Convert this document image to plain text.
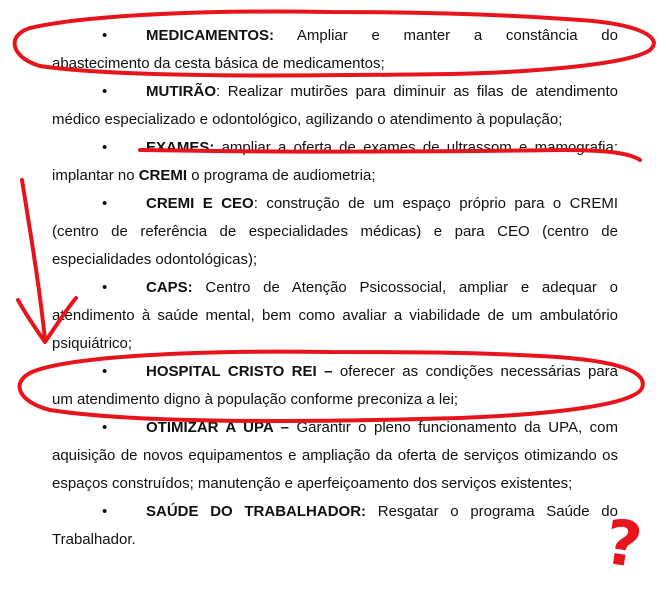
•	MEDICAMENTOS: Ampliar e manter a constância do
abastecimento da cesta básica de medicamentos;
•	MUTIRÃO: Realizar mutirões para diminuir as filas de atendimento
médico especializado e odontológico, agilizando o atendimento à população;
•	EXAMES: ampliar a oferta de exames de ultrassom e mamografia;
implantar no CREMI o programa de audiometria;
•	CREMI E CEO: construção de um espaço próprio para o CREMI
(centro de referência de especialidades médicas) e para CEO (centro de especialidades odontológicas);
•	CAPS: Centro de Atenção Psicossocial, ampliar e adequar o
atendimento à saúde mental, bem como avaliar a viabilidade de um ambulatório psiquiátrico;
•	HOSPITAL CRISTO REI – oferecer as condições necessárias para
um atendimento digno à população conforme preconiza a lei;
•	OTIMIZAR A UPA – Garantir o pleno funcionamento da UPA, com
aquisição de novos equipamentos e ampliação da oferta de serviços otimizando os espaços construídos; manutenção e aperfeiçoamento dos serviços existentes;
•	SAÚDE DO TRABALHADOR: Resgatar o programa Saúde do
Trabalhador.	?
